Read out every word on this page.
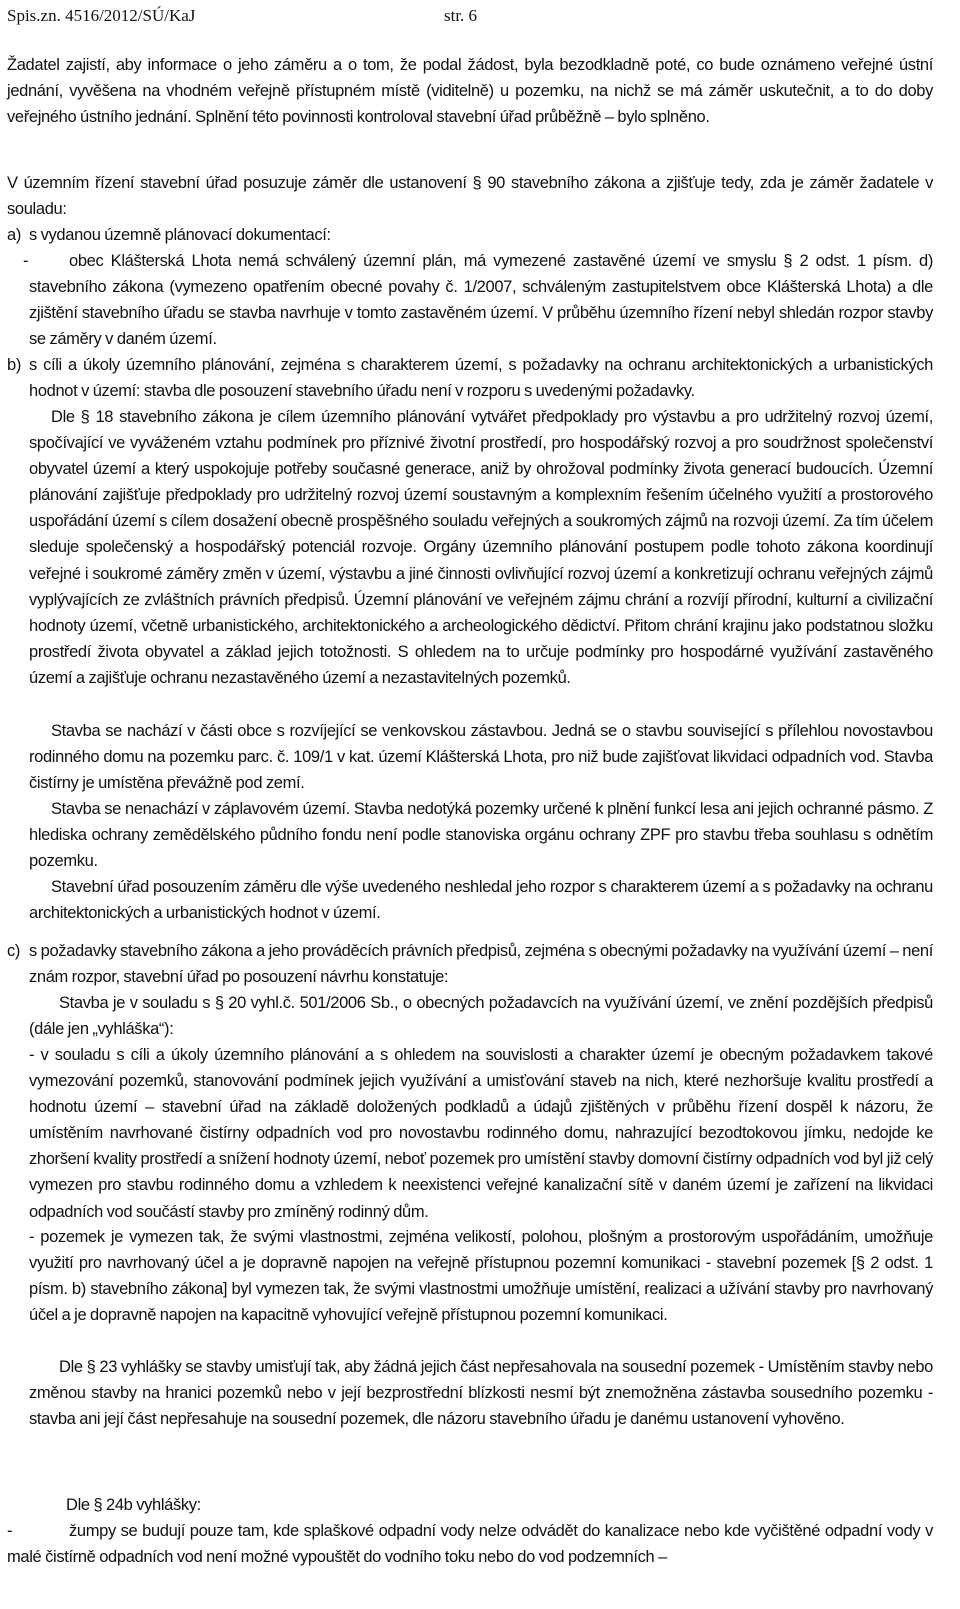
Spis.zn. 4516/2012/SÚ/KaJ	str. 6

Žadatel zajistí, aby informace o jeho záměru a o tom, že podal žádost, byla bezodkladně poté, co bude oznámeno veřejné ústní jednání, vyvěšena na vhodném veřejně přístupném místě (viditelně) u pozemku, na nichž se má záměr uskutečnit, a to do doby veřejného ústního jednání. Splnění této povinnosti kontroloval stavební úřad průběžně – bylo splněno.

V územním řízení stavební úřad posuzuje záměr dle ustanovení § 90 stavebního zákona a zjišťuje tedy, zda je záměr žadatele v souladu:

a) s vydanou územně plánovací dokumentací:
-	obec Klášterská Lhota nemá schválený územní plán, má vymezené zastavěné území ve smyslu § 2 odst. 1 písm. d) stavebního zákona (vymezeno opatřením obecné povahy č. 1/2007, schváleným zastupitelstvem obce Klášterská Lhota) a dle zjištění stavebního úřadu se stavba navrhuje v tomto zastavěném území. V průběhu územního řízení nebyl shledán rozpor stavby se záměry v daném území.

b) s cíli a úkoly územního plánování, zejména s charakterem území, s požadavky na ochranu architektonických a urbanistických hodnot v území: stavba dle posouzení stavebního úřadu není v rozporu s uvedenými požadavky.

Dle § 18 stavebního zákona je cílem územního plánování vytvářet předpoklady pro výstavbu a pro udržitelný rozvoj území, spočívající ve vyváženém vztahu podmínek pro příznivé životní prostředí, pro hospodářský rozvoj a pro soudržnost společenství obyvatel území a který uspokojuje potřeby současné generace, aniž by ohrožoval podmínky života generací budoucích. Územní plánování zajišťuje předpoklady pro udržitelný rozvoj území soustavným a komplexním řešením účelného využití a prostorového uspořádání území s cílem dosažení obecně prospěšného souladu veřejných a soukromých zájmů na rozvoji území. Za tím účelem sleduje společenský a hospodářský potenciál rozvoje. Orgány územního plánování postupem podle tohoto zákona koordinují veřejné i soukromé záměry změn v území, výstavbu a jiné činnosti ovlivňující rozvoj území a konkretizují ochranu veřejných zájmů vyplývajících ze zvláštních právních předpisů. Územní plánování ve veřejném zájmu chrání a rozvíjí přírodní, kulturní a civilizační hodnoty území, včetně urbanistického, architektonického a archeologického dědictví. Přitom chrání krajinu jako podstatnou složku prostředí života obyvatel a základ jejich totožnosti. S ohledem na to určuje podmínky pro hospodárné využívání zastavěného území a zajišťuje ochranu nezastavěného území a nezastavitelných pozemků.

Stavba se nachází v části obce s rozvíjející se venkovskou zástavbou. Jedná se o stavbu související s přílehlou novostavbou rodinného domu na pozemku parc. č. 109/1 v kat. území Klášterská Lhota, pro niž bude zajišťovat likvidaci odpadních vod. Stavba čistírny je umístěna převážně pod zemí.

Stavba se nenachází v záplavovém území. Stavba nedotýká pozemky určené k plnění funkcí lesa ani jejich ochranné pásmo. Z hlediska ochrany zemědělského půdního fondu není podle stanoviska orgánu ochrany ZPF pro stavbu třeba souhlasu s odnětím pozemku.

Stavební úřad posouzením záměru dle výše uvedeného neshledal jeho rozpor s charakterem území a s požadavky na ochranu architektonických a urbanistických hodnot v území.

c) s požadavky stavebního zákona a jeho prováděcích právních předpisů, zejména s obecnými požadavky na využívání území – není znám rozpor, stavební úřad po posouzení návrhu konstatuje:

Stavba je v souladu s § 20 vyhl.č. 501/2006 Sb., o obecných požadavcích na využívání území, ve znění pozdějších předpisů (dále jen „vyhláška“):

- v souladu s cíli a úkoly územního plánování a s ohledem na souvislosti a charakter území je obecným požadavkem takové vymezování pozemků, stanovování podmínek jejich využívání a umisťování staveb na nich, které nezhoršuje kvalitu prostředí a hodnotu území – stavební úřad na základě doložených podkladů a údajů zjištěných v průběhu řízení dospěl k názoru, že umístěním navrhované čistírny odpadních vod pro novostavbu rodinného domu, nahrazující bezodtokovou jímku, nedojde ke zhoršení kvality prostředí a snížení hodnoty území, neboť pozemek pro umístění stavby domovní čistírny odpadních vod byl již celý vymezen pro stavbu rodinného domu a vzhledem k neexistenci veřejné kanalizační sítě v daném území je zařízení na likvidaci odpadních vod součástí stavby pro zmíněný rodinný dům.

- pozemek je vymezen tak, že svými vlastnostmi, zejména velikostí, polohou, plošným a prostorovým uspořádáním, umožňuje využití pro navrhovaný účel a je dopravně napojen na veřejně přístupnou pozemní komunikaci - stavební pozemek [§ 2 odst. 1 písm. b) stavebního zákona] byl vymezen tak, že svými vlastnostmi umožňuje umístění, realizaci a užívání stavby pro navrhovaný účel a je dopravně napojen na kapacitně vyhovující veřejně přístupnou pozemní komunikaci.

Dle § 23 vyhlášky se stavby umisťují tak, aby žádná jejich část nepřesahovala na sousední pozemek - Umístěním stavby nebo změnou stavby na hranici pozemků nebo v její bezprostřední blízkosti nesmí být znemožněna zástavba sousedního pozemku - stavba ani její část nepřesahuje na sousední pozemek, dle názoru stavebního úřadu je danému ustanovení vyhověno.

Dle § 24b vyhlášky:

-	žumpy se budují pouze tam, kde splaškové odpadní vody nelze odvádět do kanalizace nebo kde vyčištěné odpadní vody v malé čistírně odpadních vod není možné vypouštět do vodního toku nebo do vod podzemních –
